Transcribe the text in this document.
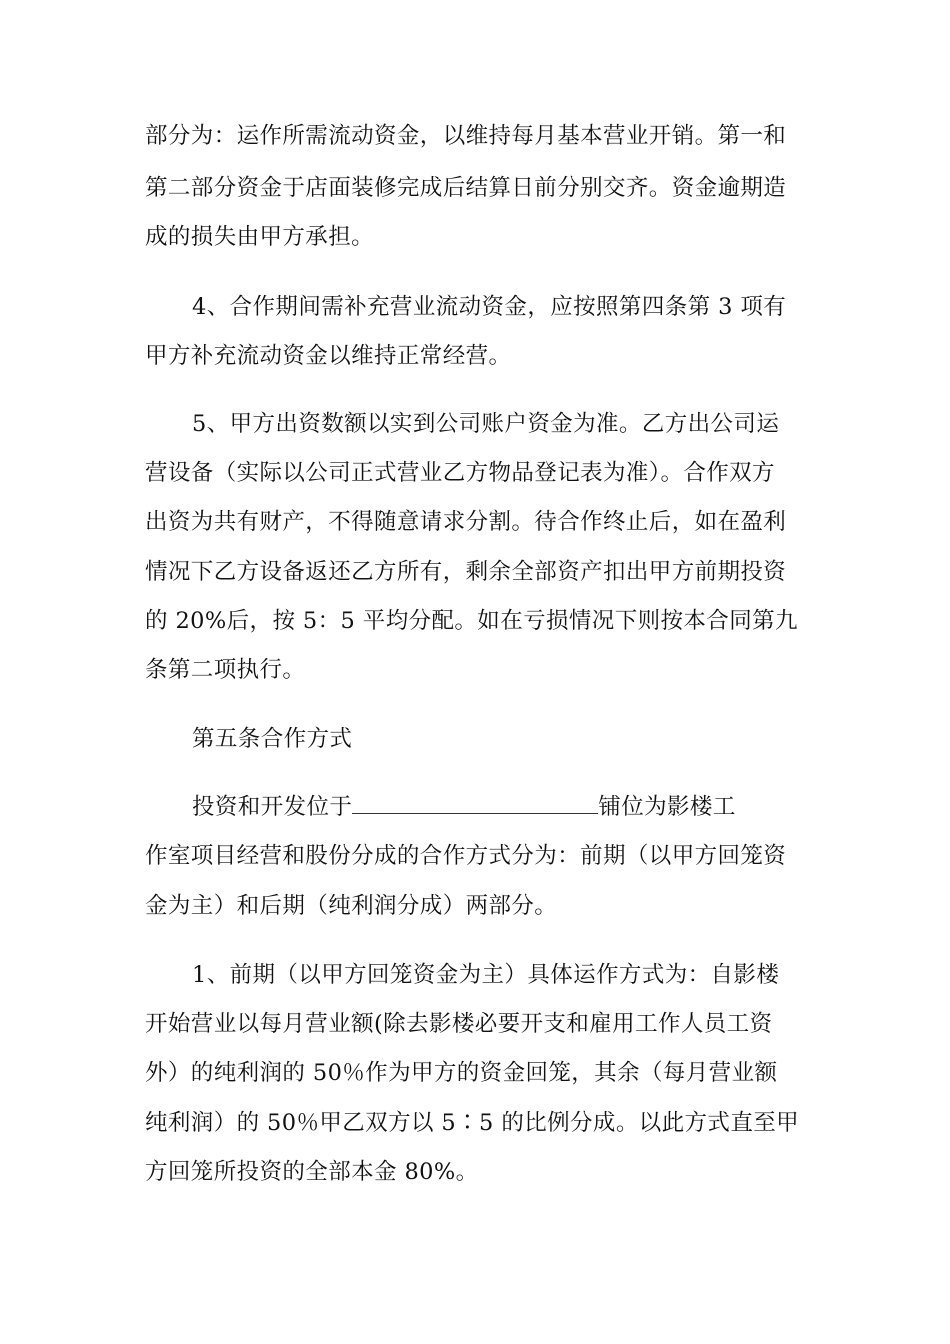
部分为：运作所需流动资金，以维持每月基本营业开销。第一和
第二部分资金于店面装修完成后结算日前分别交齐。资金逾期造
成的损失由甲方承担。
4、合作期间需补充营业流动资金，应按照第四条第 3 项有
甲方补充流动资金以维持正常经营。
5、甲方出资数额以实到公司账户资金为准。乙方出公司运
营设备（实际以公司正式营业乙方物品登记表为准）。合作双方
出资为共有财产，不得随意请求分割。待合作终止后，如在盈利
情况下乙方设备返还乙方所有，剩余全部资产扣出甲方前期投资
的 20%后，按 5：5 平均分配。如在亏损情况下则按本合同第九
条第二项执行。
第五条合作方式
投资和开发位于	铺位为影楼工
作室项目经营和股份分成的合作方式分为：前期（以甲方回笼资
金为主）和后期（纯利润分成）两部分。
1、前期（以甲方回笼资金为主）具体运作方式为：自影楼
开始营业以每月营业额(除去影楼必要开支和雇用工作人员工资
外）的纯利润的 50％作为甲方的资金回笼，其余（每月营业额
纯利润）的 50％甲乙双方以 5∶5 的比例分成。以此方式直至甲
方回笼所投资的全部本金 80%。
